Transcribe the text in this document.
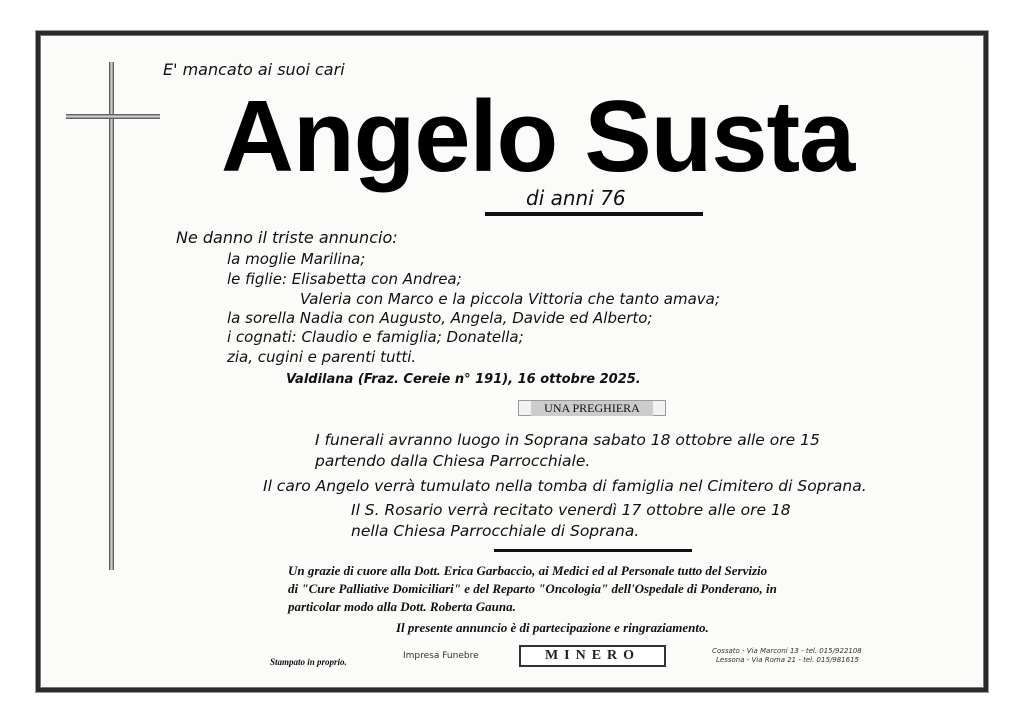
E' mancato ai suoi cari
Angelo Susta
di anni 76
Ne danno il triste annuncio:
la moglie Marilina;
le figlie: Elisabetta con Andrea;
Valeria con Marco e la piccola Vittoria che tanto amava;
la sorella Nadia con Augusto, Angela, Davide ed Alberto;
i cognati: Claudio e famiglia; Donatella;
zia, cugini e parenti tutti.
Valdilana (Fraz. Cereie n° 191), 16 ottobre 2025.
UNA PREGHIERA
I funerali avranno luogo in Soprana sabato 18 ottobre alle ore 15
partendo dalla Chiesa Parrocchiale.
Il caro Angelo verrà tumulato nella tomba di famiglia nel Cimitero di Soprana.
Il S. Rosario verrà recitato venerdì 17 ottobre alle ore 18
nella Chiesa Parrocchiale di Soprana.
Un grazie di cuore alla Dott. Erica Garbaccio, ai Medici ed al Personale tutto del Servizio
di "Cure Palliative Domiciliari" e del Reparto "Oncologia" dell'Ospedale di Ponderano, in
particolar modo alla Dott. Roberta Gauna.
Il presente annuncio è di partecipazione e ringraziamento.
Stampato in proprio.
Impresa Funebre	MINERO	Cossato - Via Marconi 13 - tel. 015/922108
Lessona - Via Roma 21 - tel. 015/981615
